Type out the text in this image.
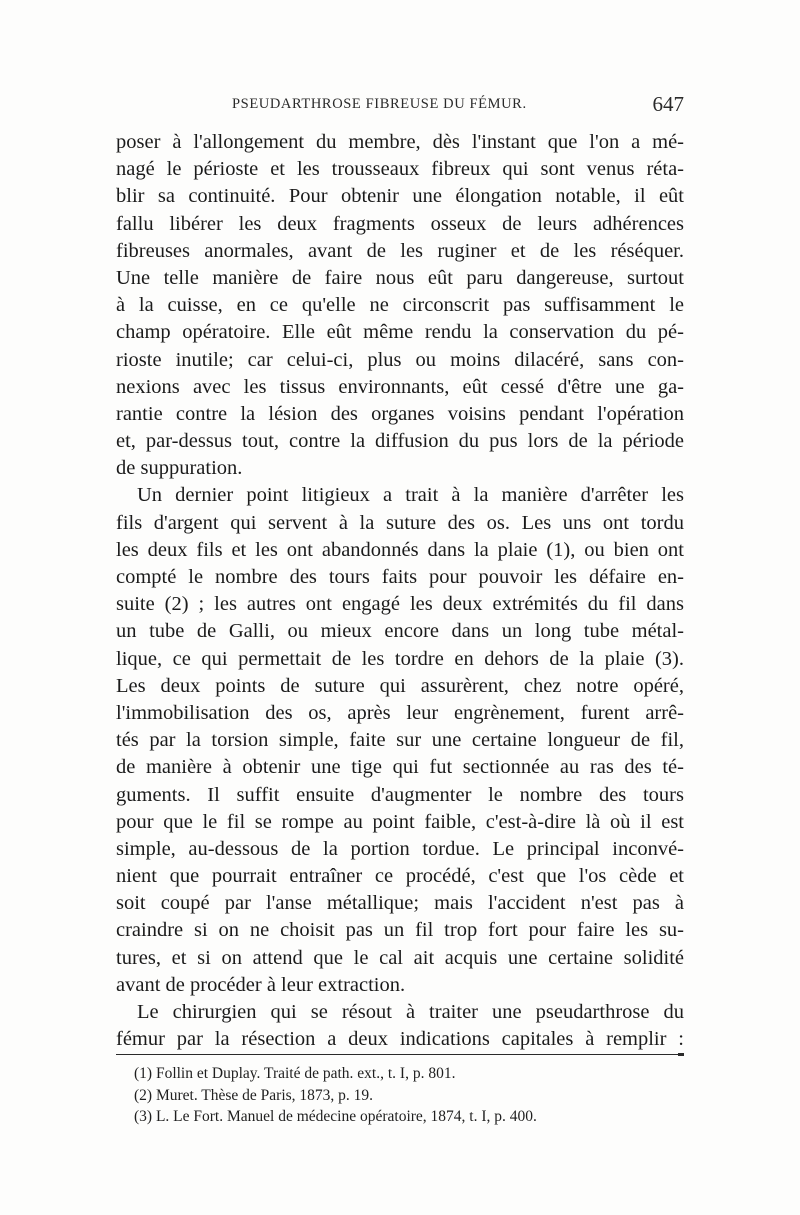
PSEUDARTHROSE FIBREUSE DU FÉMUR.	647
poser à l'allongement du membre, dès l'instant que l'on a mé-
nagé le périoste et les trousseaux fibreux qui sont venus réta-
blir sa continuité. Pour obtenir une élongation notable, il eût
fallu libérer les deux fragments osseux de leurs adhérences
fibreuses anormales, avant de les ruginer et de les réséquer.
Une telle manière de faire nous eût paru dangereuse, surtout
à la cuisse, en ce qu'elle ne circonscrit pas suffisamment le
champ opératoire. Elle eût même rendu la conservation du pé-
rioste inutile; car celui-ci, plus ou moins dilacéré, sans con-
nexions avec les tissus environnants, eût cessé d'être une ga-
rantie contre la lésion des organes voisins pendant l'opération
et, par-dessus tout, contre la diffusion du pus lors de la période
de suppuration.
Un dernier point litigieux a trait à la manière d'arrêter les
fils d'argent qui servent à la suture des os. Les uns ont tordu
les deux fils et les ont abandonnés dans la plaie (1), ou bien ont
compté le nombre des tours faits pour pouvoir les défaire en-
suite (2) ; les autres ont engagé les deux extrémités du fil dans
un tube de Galli, ou mieux encore dans un long tube métal-
lique, ce qui permettait de les tordre en dehors de la plaie (3).
Les deux points de suture qui assurèrent, chez notre opéré,
l'immobilisation des os, après leur engrènement, furent arrê-
tés par la torsion simple, faite sur une certaine longueur de fil,
de manière à obtenir une tige qui fut sectionnée au ras des té-
guments. Il suffit ensuite d'augmenter le nombre des tours
pour que le fil se rompe au point faible, c'est-à-dire là où il est
simple, au-dessous de la portion tordue. Le principal inconvé-
nient que pourrait entraîner ce procédé, c'est que l'os cède et
soit coupé par l'anse métallique; mais l'accident n'est pas à
craindre si on ne choisit pas un fil trop fort pour faire les su-
tures, et si on attend que le cal ait acquis une certaine solidité
avant de procéder à leur extraction.
Le chirurgien qui se résout à traiter une pseudarthrose du
fémur par la résection a deux indications capitales à remplir :
(1) Follin et Duplay. Traité de path. ext., t. I, p. 801.
(2) Muret. Thèse de Paris, 1873, p. 19.
(3) L. Le Fort. Manuel de médecine opératoire, 1874, t. I, p. 400.
